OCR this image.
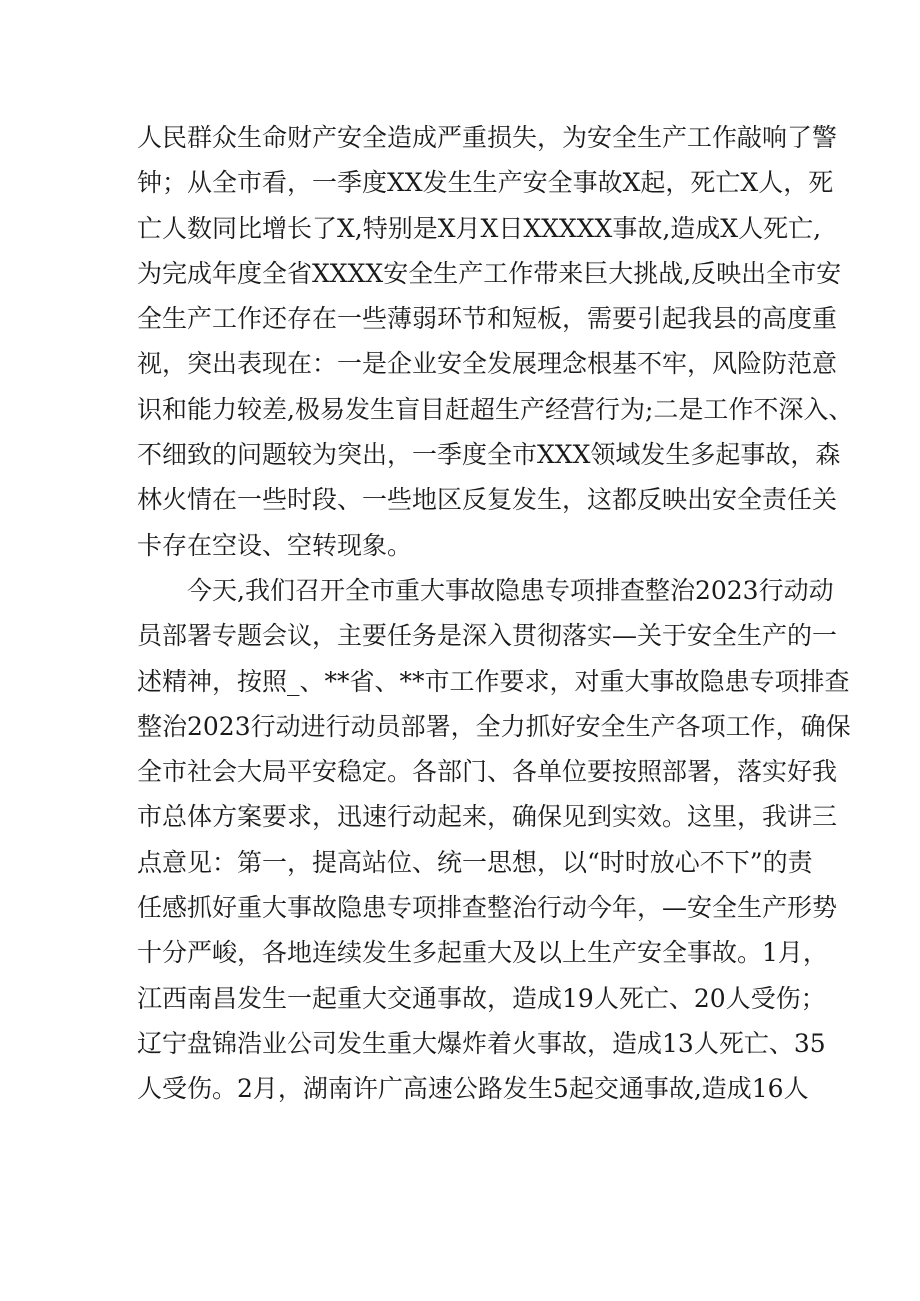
人民群众生命财产安全造成严重损失，为安全生产工作敲响了警
钟；从全市看，一季度XX发生生产安全事故X起，死亡X人，死
亡人数同比增长了X,特别是X月X日XXXXX事故,造成X人死亡,
为完成年度全省XXXX安全生产工作带来巨大挑战,反映出全市安
全生产工作还存在一些薄弱环节和短板，需要引起我县的高度重
视，突出表现在：一是企业安全发展理念根基不牢，风险防范意
识和能力较差,极易发生盲目赶超生产经营行为;二是工作不深入、
不细致的问题较为突出，一季度全市XXX领域发生多起事故，森
林火情在一些时段、一些地区反复发生，这都反映出安全责任关
卡存在空设、空转现象。
今天,我们召开全市重大事故隐患专项排查整治2023行动动
员部署专题会议，主要任务是深入贯彻落实—关于安全生产的一
述精神，按照_、**省、**市工作要求，对重大事故隐患专项排查
整治2023行动进行动员部署，全力抓好安全生产各项工作，确保
全市社会大局平安稳定。各部门、各单位要按照部署，落实好我
市总体方案要求，迅速行动起来，确保见到实效。这里，我讲三
点意见：第一，提高站位、统一思想，以“时时放心不下”的责
任感抓好重大事故隐患专项排查整治行动今年，—安全生产形势
十分严峻，各地连续发生多起重大及以上生产安全事故。1月，
江西南昌发生一起重大交通事故，造成19人死亡、20人受伤；
辽宁盘锦浩业公司发生重大爆炸着火事故，造成13人死亡、35
人受伤。2月，湖南许广高速公路发生5起交通事故,造成16人
